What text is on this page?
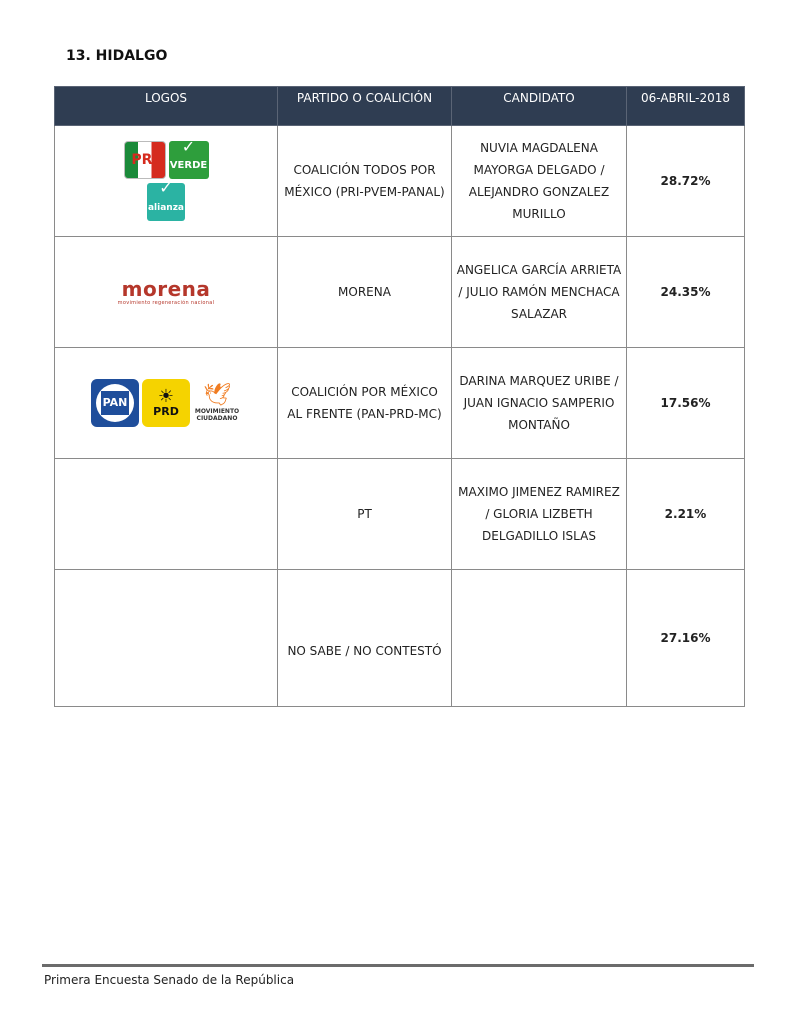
13. HIDALGO
LOGOS	PARTIDO O COALICIÓN	CANDIDATO	06-ABRIL-2018

PRI
✓
VERDE
✓
alianza	COALICIÓN TODOS POR MÉXICO (PRI-PVEM-PANAL)	NUVIA MAGDALENA MAYORGA DELGADO / ALEJANDRO GONZALEZ MURILLO	28.72%

morena
movimiento regeneración nacional	MORENA	ANGELICA GARCÍA ARRIETA / JULIO RAMÓN MENCHACA SALAZAR	24.35%

PAN ☀
PRD
🕊
MOVIMIENTO CIUDADANO	COALICIÓN POR MÉXICO AL FRENTE (PAN-PRD-MC)	DARINA MARQUEZ URIBE / JUAN IGNACIO SAMPERIO MONTAÑO	17.56%
	PT	MAXIMO JIMENEZ RAMIREZ / GLORIA LIZBETH DELGADILLO ISLAS	2.21%
	NO SABE / NO CONTESTÓ		27.16%
Primera Encuesta Senado de la República
